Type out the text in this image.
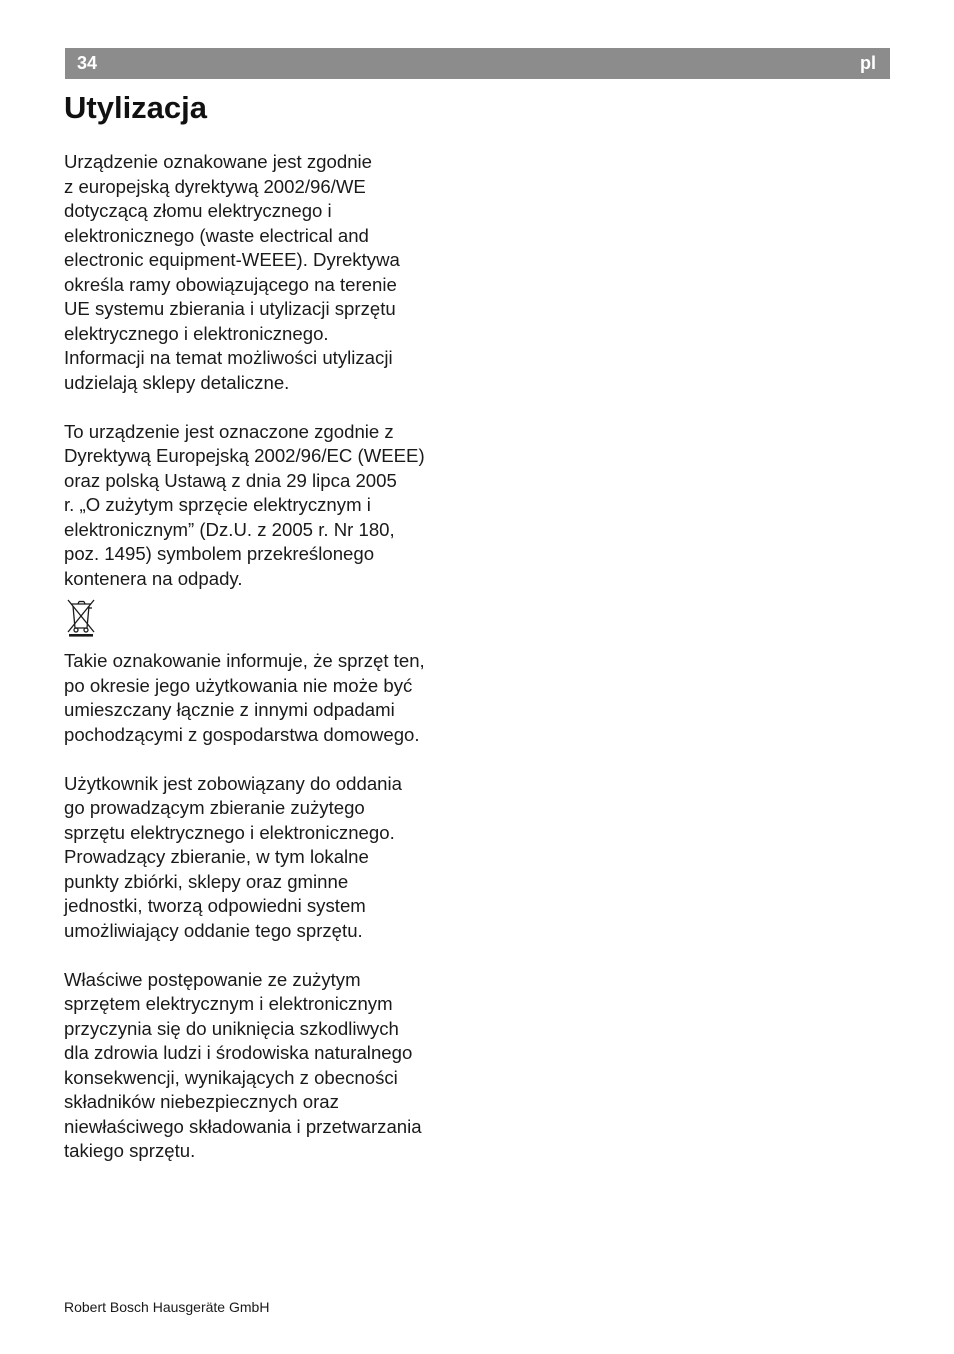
34	pl
Utylizacja

Urządzenie oznakowane jest zgodnie
z europejską dyrektywą 2002/96/WE
dotyczącą złomu elektrycznego i
elektronicznego (waste electrical and
electronic equipment-WEEE). Dyrektywa
określa ramy obowiązującego na terenie
UE systemu zbierania i utylizacji sprzętu
elektrycznego i elektronicznego.
Informacji na temat możliwości utylizacji
udzielają sklepy detaliczne.

To urządzenie jest oznaczone zgodnie z
Dyrektywą Europejską 2002/96/EC (WEEE)
oraz polską Ustawą z dnia 29 lipca 2005
r. „O zużytym sprzęcie elektrycznym i
elektronicznym” (Dz.U. z 2005 r. Nr 180,
poz. 1495) symbolem przekreślonego
kontenera na odpady.

Takie oznakowanie informuje, że sprzęt ten,
po okresie jego użytkowania nie może być
umieszczany łącznie z innymi odpadami
pochodzącymi z gospodarstwa domowego.

Użytkownik jest zobowiązany do oddania
go prowadzącym zbieranie zużytego
sprzętu elektrycznego i elektronicznego.
Prowadzący zbieranie, w tym lokalne
punkty zbiórki, sklepy oraz gminne
jednostki, tworzą odpowiedni system
umożliwiający oddanie tego sprzętu.

Właściwe postępowanie ze zużytym
sprzętem elektrycznym i elektronicznym
przyczynia się do uniknięcia szkodliwych
dla zdrowia ludzi i środowiska naturalnego
konsekwencji, wynikających z obecności
składników niebezpiecznych oraz
niewłaściwego składowania i przetwarzania
takiego sprzętu.

Robert Bosch Hausgeräte GmbH
